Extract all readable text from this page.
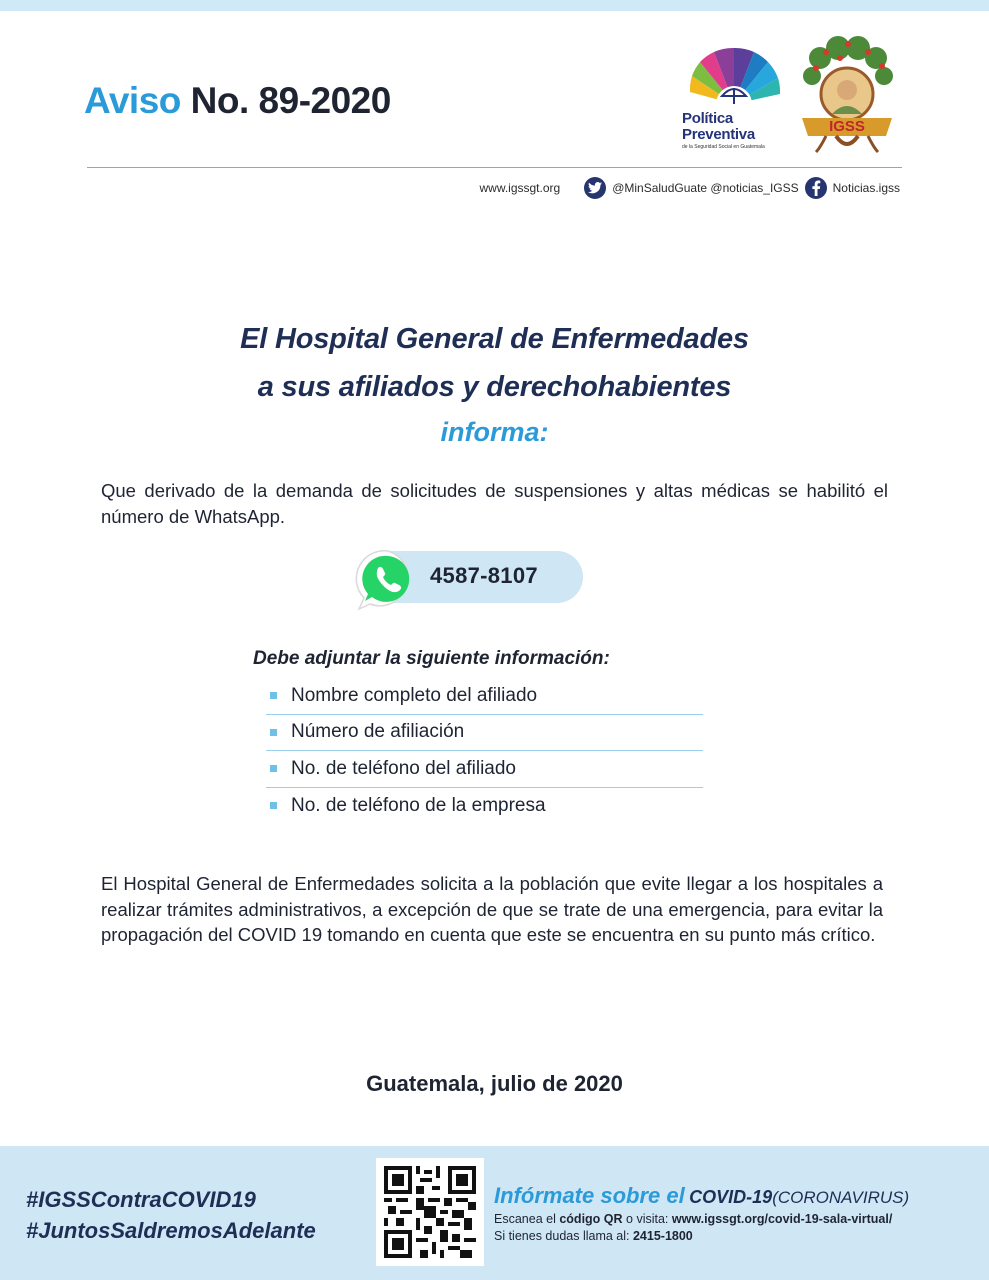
Aviso No. 89-2020	Política
Preventiva
de la Seguridad Social en Guatemala
IGSS
www.igssgt.org	@MinSaludGuate @noticias_IGSS	Noticias.igss
El Hospital General de Enfermedades
a sus afiliados y derechohabientes
informa:

Que derivado de la demanda de solicitudes de suspensiones y altas médicas se habilitó el número de WhatsApp.

4587-8107
Debe adjuntar la siguiente información:
Nombre completo del afiliado
Número de afiliación
No. de teléfono del afiliado
No. de teléfono de la empresa

El Hospital General de Enfermedades solicita a la población que evite llegar a los hospitales a realizar trámites administrativos, a excepción de que se trate de una emergencia, para evitar la propagación del COVID 19 tomando en cuenta que este se encuentra en su punto más crítico.

Guatemala, julio de 2020
#IGSSContraCOVID19
#JuntosSaldremosAdelante
Infórmate sobre el COVID-19(CORONAVIRUS)
Escanea el código QR o visita: www.igssgt.org/covid-19-sala-virtual/
Si tienes dudas llama al: 2415-1800
